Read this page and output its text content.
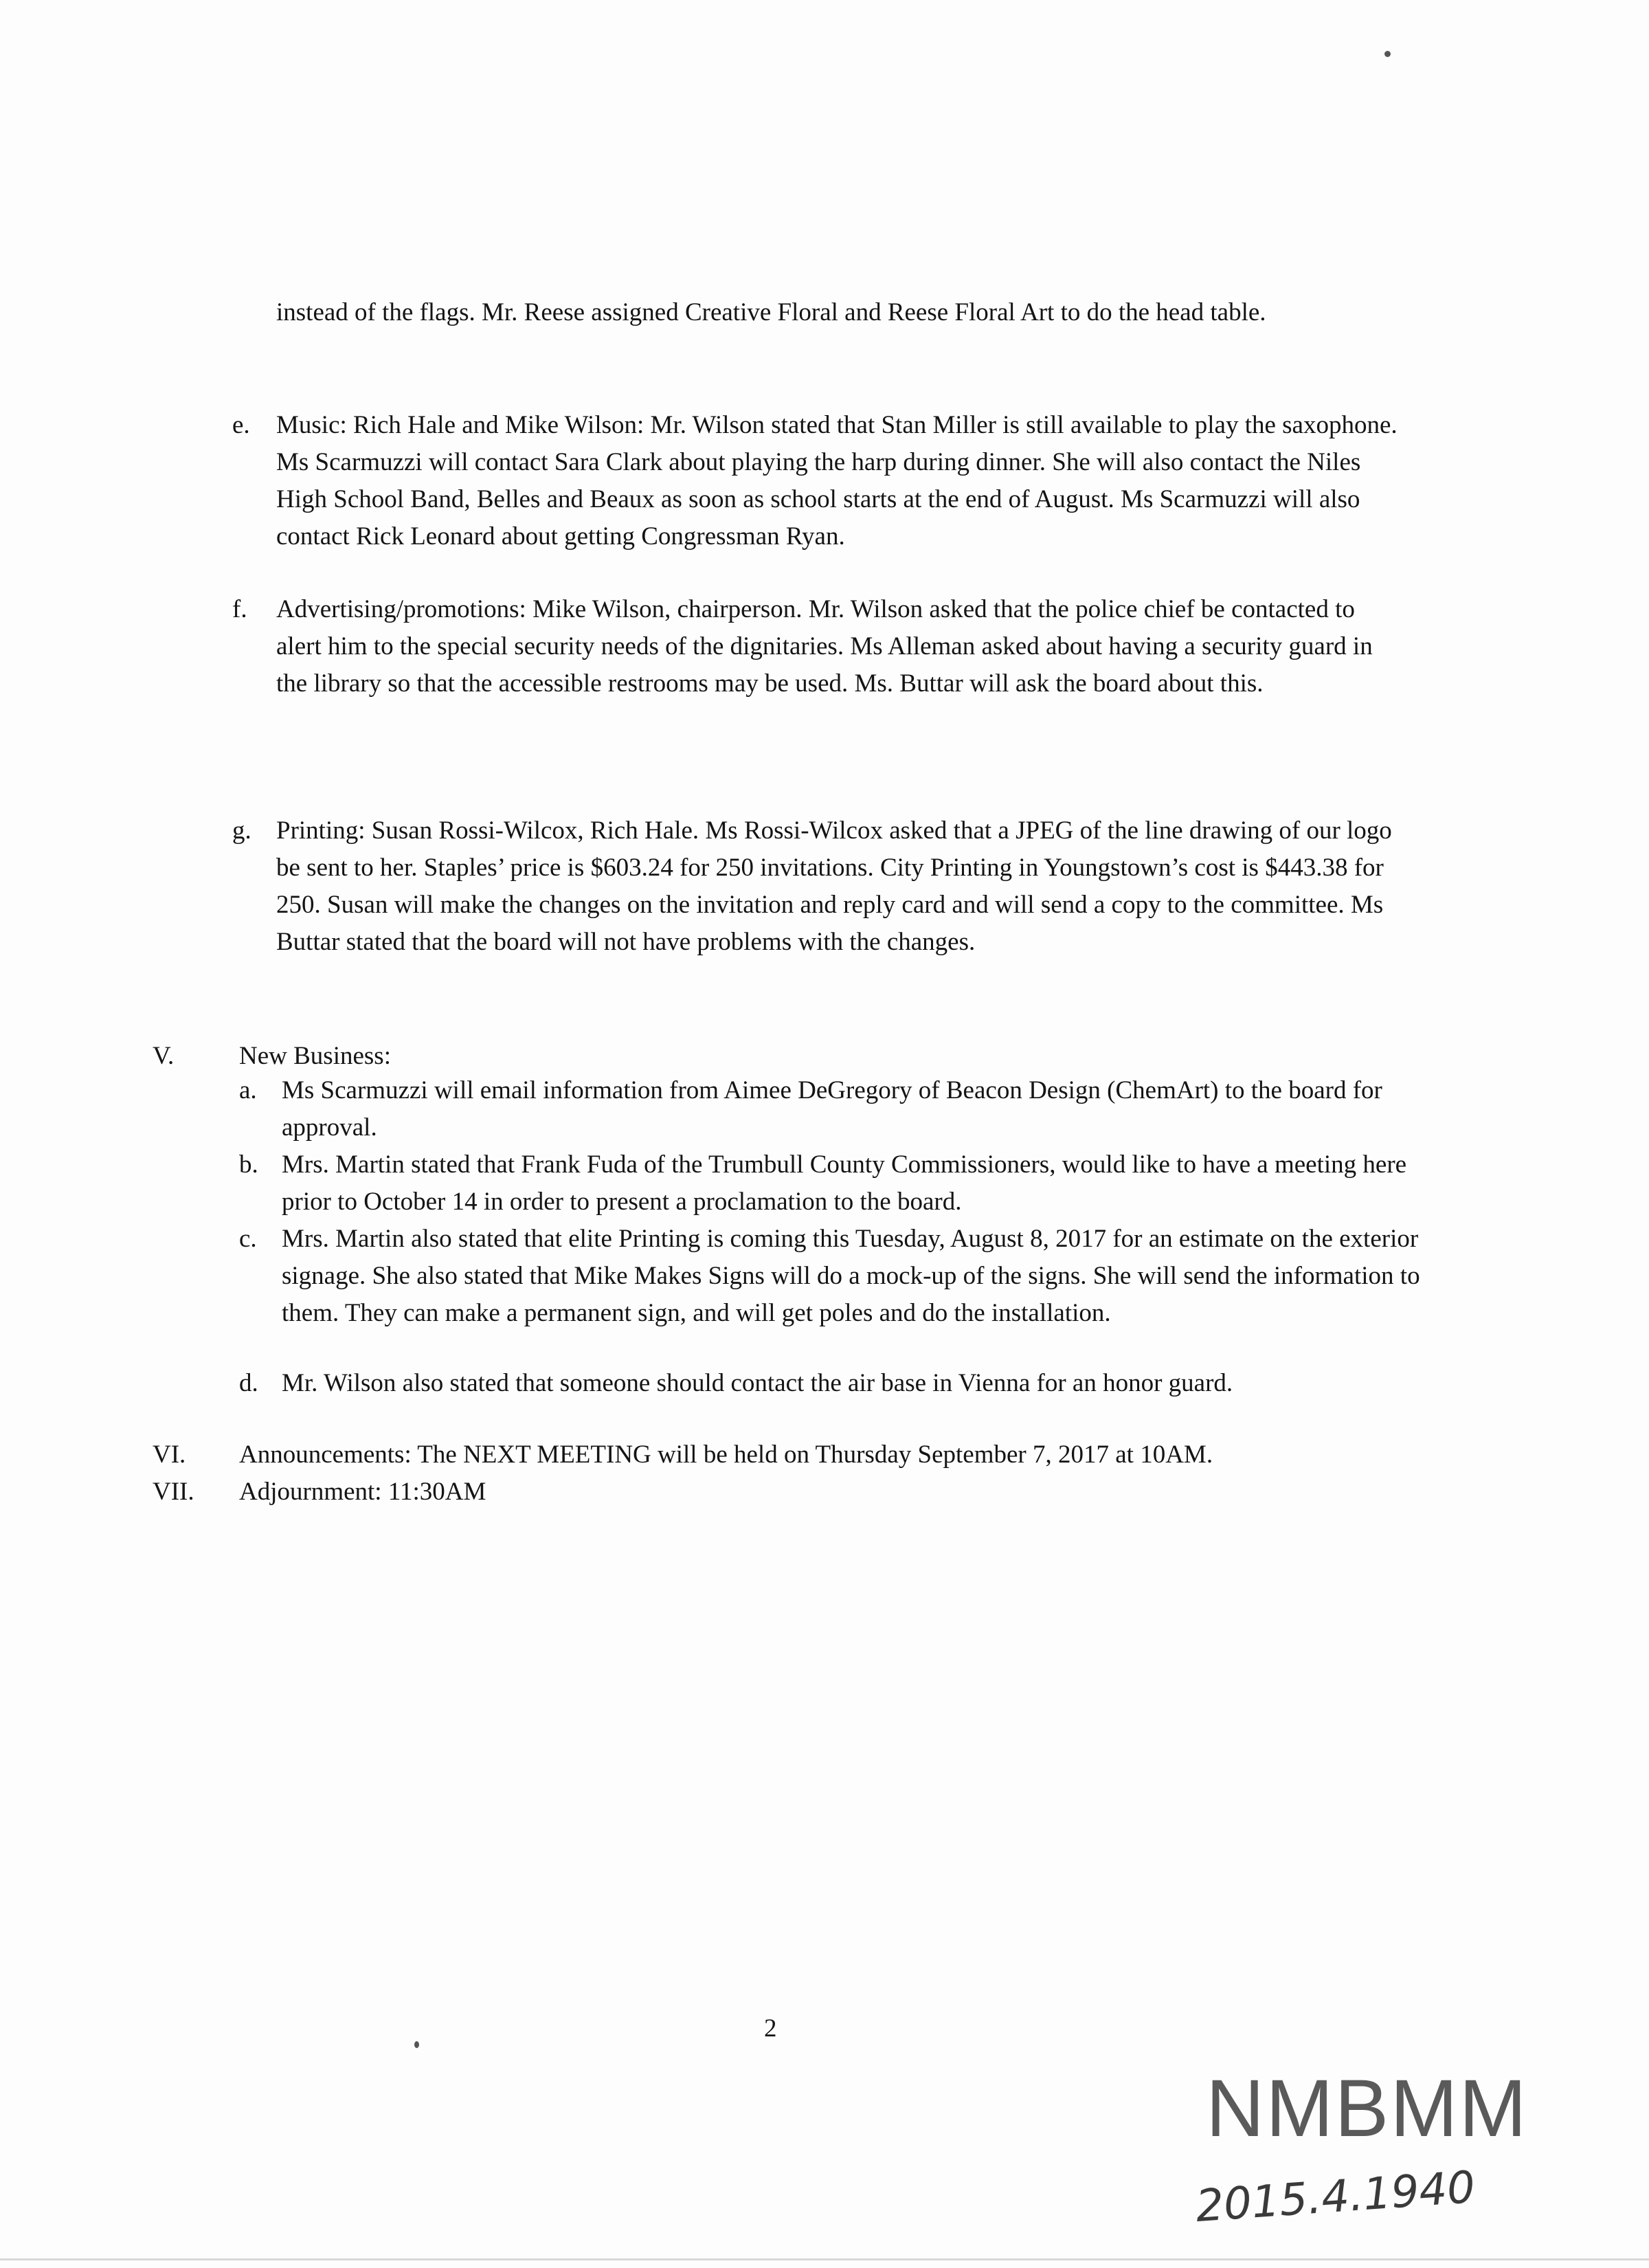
instead of the flags. Mr. Reese assigned Creative Floral and Reese Floral Art to do the head table.
e. Music: Rich Hale and Mike Wilson: Mr. Wilson stated that Stan Miller is still available to play the saxophone. Ms Scarmuzzi will contact Sara Clark about playing the harp during dinner. She will also contact the Niles High School Band, Belles and Beaux as soon as school starts at the end of August. Ms Scarmuzzi will also contact Rick Leonard about getting Congressman Ryan.
f. Advertising/promotions: Mike Wilson, chairperson. Mr. Wilson asked that the police chief be contacted to alert him to the special security needs of the dignitaries. Ms Alleman asked about having a security guard in the library so that the accessible restrooms may be used. Ms. Buttar will ask the board about this.
g. Printing: Susan Rossi-Wilcox, Rich Hale. Ms Rossi-Wilcox asked that a JPEG of the line drawing of our logo be sent to her. Staples’ price is $603.24 for 250 invitations. City Printing in Youngstown’s cost is $443.38 for 250. Susan will make the changes on the invitation and reply card and will send a copy to the committee. Ms Buttar stated that the board will not have problems with the changes.
V.	New Business:
a. Ms Scarmuzzi will email information from Aimee DeGregory of Beacon Design (ChemArt) to the board for approval.
b. Mrs. Martin stated that Frank Fuda of the Trumbull County Commissioners, would like to have a meeting here prior to October 14 in order to present a proclamation to the board.
c. Mrs. Martin also stated that elite Printing is coming this Tuesday, August 8, 2017 for an estimate on the exterior signage. She also stated that Mike Makes Signs will do a mock-up of the signs. She will send the information to them. They can make a permanent sign, and will get poles and do the installation.
d. Mr. Wilson also stated that someone should contact the air base in Vienna for an honor guard.
VI. Announcements: The NEXT MEETING will be held on Thursday September 7, 2017 at 10AM.
VII. Adjournment: 11:30AM
2
NMBMM
2015.4.1940
